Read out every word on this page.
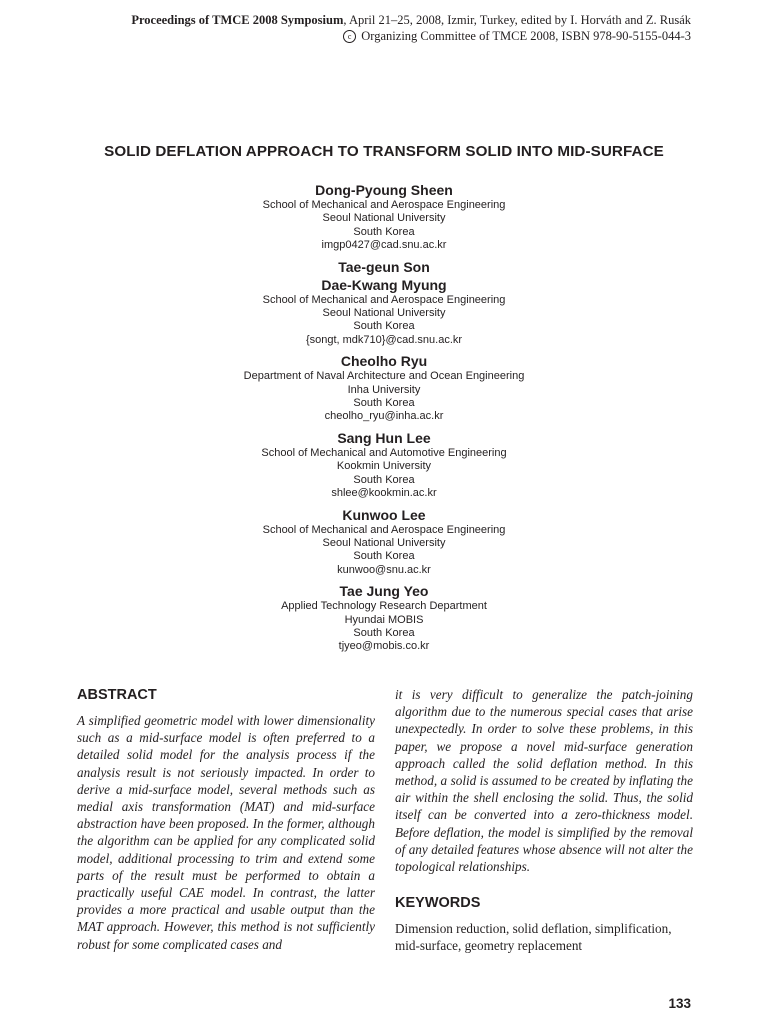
Proceedings of TMCE 2008 Symposium, April 21–25, 2008, Izmir, Turkey, edited by I. Horváth and Z. Rusák
c Organizing Committee of TMCE 2008, ISBN 978-90-5155-044-3
SOLID DEFLATION APPROACH TO TRANSFORM SOLID INTO MID-SURFACE
Dong-Pyoung Sheen
School of Mechanical and Aerospace Engineering
Seoul National University
South Korea
imgp0427@cad.snu.ac.kr
Tae-geun Son
Dae-Kwang Myung
School of Mechanical and Aerospace Engineering
Seoul National University
South Korea
{songt, mdk710}@cad.snu.ac.kr
Cheolho Ryu
Department of Naval Architecture and Ocean Engineering
Inha University
South Korea
cheolho_ryu@inha.ac.kr
Sang Hun Lee
School of Mechanical and Automotive Engineering
Kookmin University
South Korea
shlee@kookmin.ac.kr
Kunwoo Lee
School of Mechanical and Aerospace Engineering
Seoul National University
South Korea
kunwoo@snu.ac.kr
Tae Jung Yeo
Applied Technology Research Department
Hyundai MOBIS
South Korea
tjyeo@mobis.co.kr
ABSTRACT

A simplified geometric model with lower dimensionality such as a mid-surface model is often preferred to a detailed solid model for the analysis process if the analysis result is not seriously impacted. In order to derive a mid-surface model, several methods such as medial axis transformation (MAT) and mid-surface abstraction have been proposed. In the former, although the algorithm can be applied for any complicated solid model, additional processing to trim and extend some parts of the result must be performed to obtain a practically useful CAE model. In contrast, the latter provides a more practical and usable output than the MAT approach. However, this method is not sufficiently robust for some complicated cases and

it is very difficult to generalize the patch-joining algorithm due to the numerous special cases that arise unexpectedly. In order to solve these problems, in this paper, we propose a novel mid-surface generation approach called the solid deflation method. In this method, a solid is assumed to be created by inflating the air within the shell enclosing the solid. Thus, the solid itself can be converted into a zero-thickness model. Before deflation, the model is simplified by the removal of any detailed features whose absence will not alter the topological relationships.

KEYWORDS

Dimension reduction, solid deflation, simplification, mid-surface, geometry replacement

133
